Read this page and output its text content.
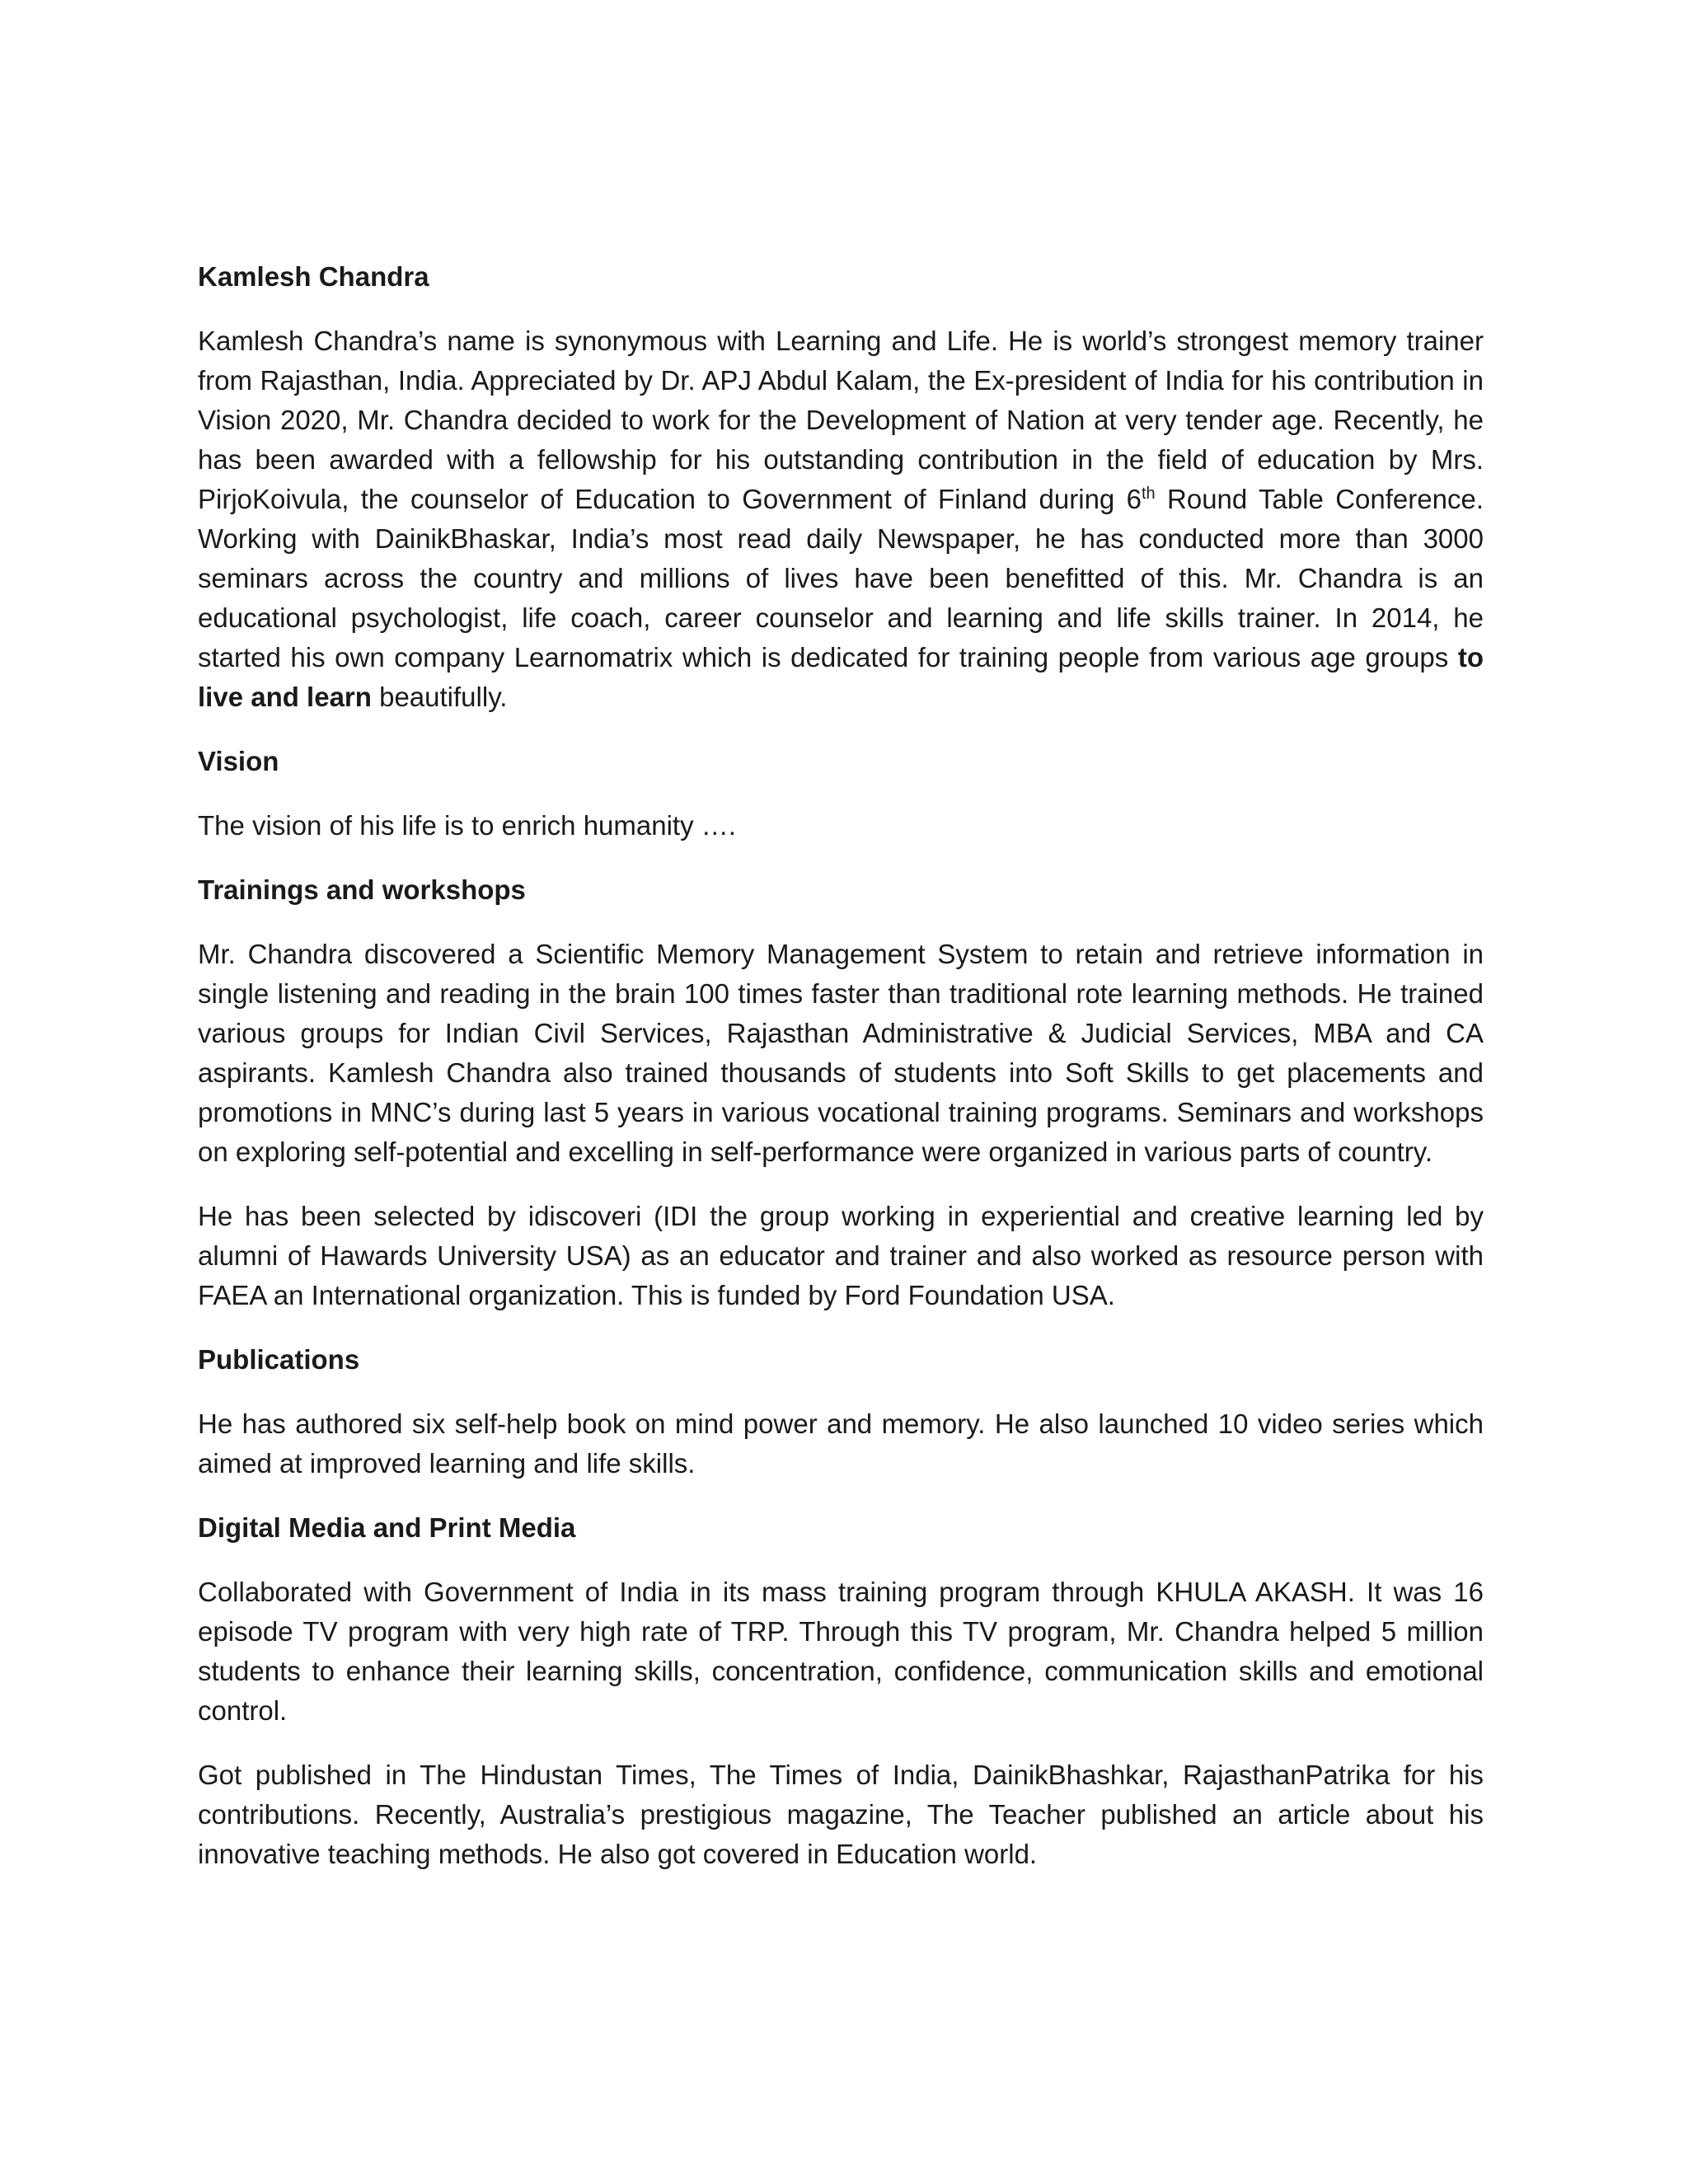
Kamlesh Chandra
Kamlesh Chandra’s name is synonymous with Learning and Life. He is world’s strongest memory trainer from Rajasthan, India. Appreciated by Dr. APJ Abdul Kalam, the Ex-president of India for his contribution in Vision 2020, Mr. Chandra decided to work for the Development of Nation at very tender age. Recently, he has been awarded with a fellowship for his outstanding contribution in the field of education by Mrs. PirjoKoivula, the counselor of Education to Government of Finland during 6th Round Table Conference. Working with DainikBhaskar, India’s most read daily Newspaper, he has conducted more than 3000 seminars across the country and millions of lives have been benefitted of this. Mr. Chandra is an educational psychologist, life coach, career counselor and learning and life skills trainer. In 2014, he started his own company Learnomatrix which is dedicated for training people from various age groups to live and learn beautifully.
Vision
The vision of his life is to enrich humanity ….
Trainings and workshops
Mr. Chandra discovered a Scientific Memory Management System to retain and retrieve information in single listening and reading in the brain 100 times faster than traditional rote learning methods. He trained various groups for Indian Civil Services, Rajasthan Administrative & Judicial Services, MBA and CA aspirants. Kamlesh Chandra also trained thousands of students into Soft Skills to get placements and promotions in MNC’s during last 5 years in various vocational training programs. Seminars and workshops on exploring self-potential and excelling in self-performance were organized in various parts of country.
He has been selected by idiscoveri (IDI the group working in experiential and creative learning led by alumni of Hawards University USA) as an educator and trainer and also worked as resource person with FAEA an International organization. This is funded by Ford Foundation USA.
Publications
He has authored six self-help book on mind power and memory. He also launched 10 video series which aimed at improved learning and life skills.
Digital Media and Print Media
Collaborated with Government of India in its mass training program through KHULA AKASH. It was 16 episode TV program with very high rate of TRP. Through this TV program, Mr. Chandra helped 5 million students to enhance their learning skills, concentration, confidence, communication skills and emotional control.
Got published in The Hindustan Times, The Times of India, DainikBhashkar, RajasthanPatrika for his contributions. Recently, Australia’s prestigious magazine, The Teacher published an article about his innovative teaching methods. He also got covered in Education world.
